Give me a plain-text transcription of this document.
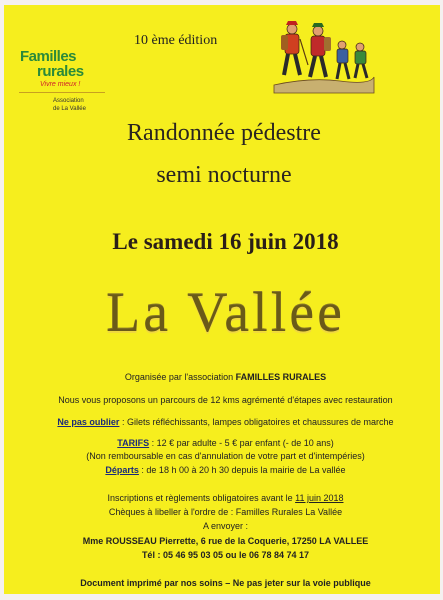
Familles
rurales
Vivre mieux !
Association
de La Vallée
10 ème édition
Randonnée pédestre
semi nocturne
Le samedi 16 juin 2018
La Vallée
Organisée par l'association FAMILLES RURALES
Nous vous proposons un parcours de 12 kms agrémenté d'étapes avec restauration
Ne pas oublier : Gilets réfléchissants, lampes obligatoires et chaussures de marche
TARIFS : 12 € par adulte - 5 € par enfant (- de 10 ans)
(Non remboursable en cas d'annulation de votre part et d'intempéries)
Départs : de 18 h 00 à 20 h 30 depuis la mairie de La vallée
Inscriptions et règlements obligatoires avant le 11 juin 2018
Chèques à libeller à l'ordre de : Familles Rurales La Vallée
A envoyer :
Mme ROUSSEAU Pierrette, 6 rue de la Coquerie, 17250 LA VALLEE
Tél : 05 46 95 03 05 ou le 06 78 84 74 17
Document imprimé par nos soins – Ne pas jeter sur la voie publique
